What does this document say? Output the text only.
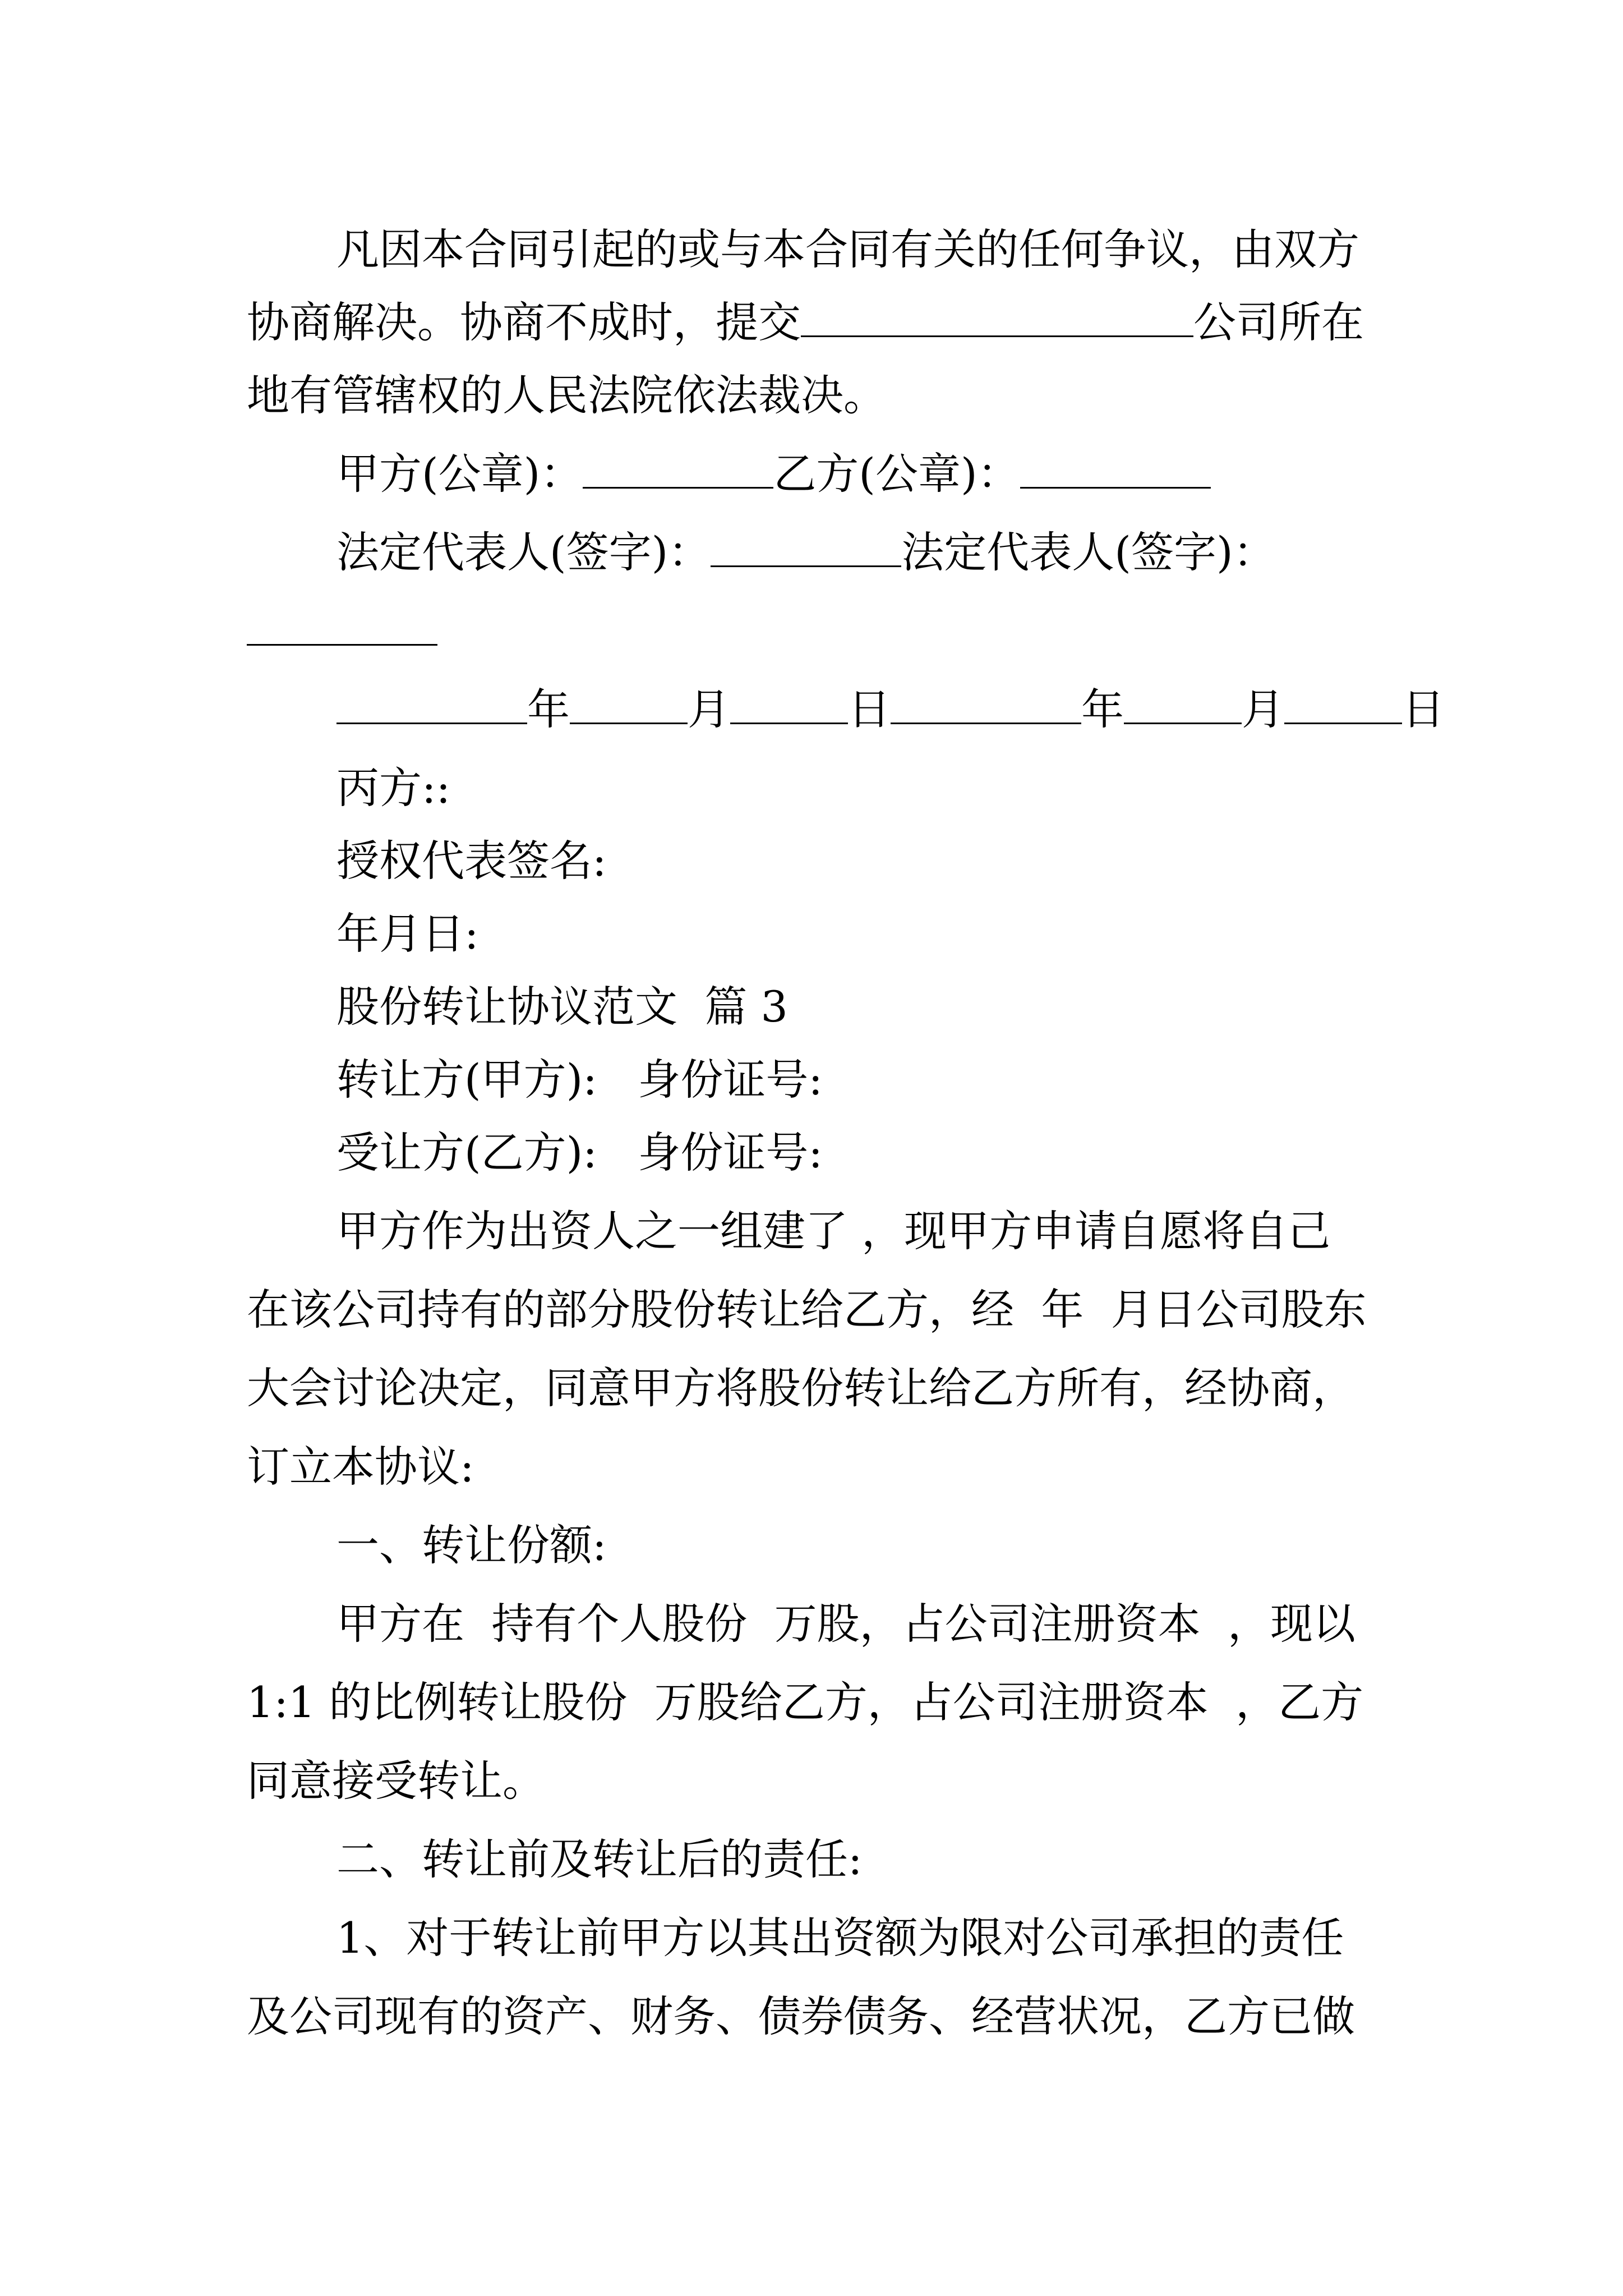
凡因本合同引起的或与本合同有关的任何争议，由双方
协商解决。协商不成时，提交	公司所在
地有管辖权的人民法院依法裁决。
甲方(公章)：	乙方(公章)：
法定代表人(签字)：	法定代表人(签字)：
年	月	日	年	月	日
丙方::
授权代表签名:
年月日:
股份转让协议范文  篇 3
转让方(甲方):   身份证号:
受让方(乙方):   身份证号:
甲方作为出资人之一组建了 ，现甲方申请自愿将自己
在该公司持有的部分股份转让给乙方，经  年  月日公司股东
大会讨论决定，同意甲方将股份转让给乙方所有，经协商，
订立本协议:
一、转让份额:
甲方在  持有个人股份  万股，占公司注册资本  ，现以
1:1 的比例转让股份  万股给乙方，占公司注册资本  ，乙方
同意接受转让。
二、转让前及转让后的责任:
1、对于转让前甲方以其出资额为限对公司承担的责任
及公司现有的资产、财务、债券债务、经营状况，乙方已做
